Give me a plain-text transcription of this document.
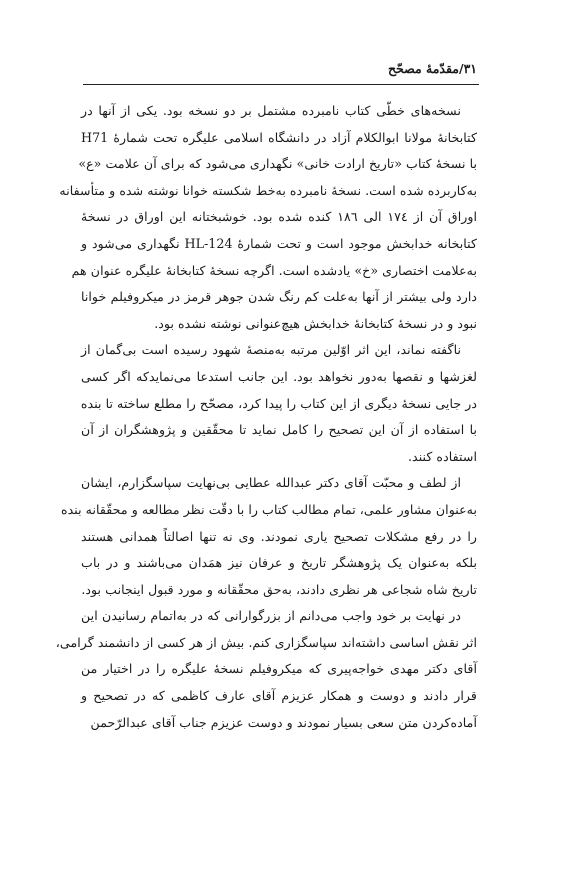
۳۱/مقدّمهٔ مصحّح
نسخه‌های خطّی کتاب نامبرده مشتمل بر دو نسخه بود. یکی از آنها در
کتابخانهٔ مولانا ابوالکلام آزاد در دانشگاه اسلامی علیگره تحت شمارهٔ H71
با نسخهٔ کتاب «تاریخ ارادت خانی» نگهداری می‌شود که برای آن علامت «ع»
به‌کاربرده شده است. نسخهٔ نامبرده به‌خط شکسته خوانا نوشته شده و متأسفانه
اوراق آن از ۱۷٤ الی ۱۸٦ کنده شده بود. خوشبختانه این اوراق در نسخهٔ
کتابخانه خدابخش موجود است و تحت شمارهٔ HL-124 نگهداری می‌شود و
به‌علامت اختصاری «خ» یادشده است. اگرچه نسخهٔ کتابخانهٔ علیگره عنوان هم
دارد ولی بیشتر از آنها به‌علت کم رنگ شدن جوهر قرمز در میکروفیلم خوانا
نبود و در نسخهٔ کتابخانهٔ خدابخش هیچ‌عنوانی نوشته نشده بود.
ناگفته نماند، این اثر اوّلین مرتبه به‌منصهٔ شهود رسیده است بی‌گمان از
لغزشها و نقصها به‌دور نخواهد بود. این جانب استدعا می‌نمایدکه اگر کسی
در جایی نسخهٔ دیگری از این کتاب را پیدا کرد، مصحّح را مطلع ساخته تا بنده
با استفاده از آن این تصحیح را کامل نماید تا محقّقین و پژوهشگران از آن
استفاده کنند.
از لطف و محبّت آقای دکتر عبدالله عطایی بی‌نهایت سپاسگزارم، ایشان
به‌عنوان مشاور علمی، تمام مطالب کتاب را با دقّت نظر مطالعه و محقّقانه بنده
را در رفع مشکلات تصحیح یاری نمودند. وی نه تنها اصالتاً همدانی هستند
بلکه به‌عنوان یک پژوهشگر تاریخ و عرفان نیز همَدان می‌باشند و در باب
تاریخ شاه شجاعی هر نظری دادند، به‌حق محقّقانه و مورد قبول اینجانب بود.
در نهایت بر خود واجب می‌دانم از بزرگوارانی که در به‌اتمام رسانیدن این
اثر نقش اساسی داشته‌اند سپاسگزاری کنم. بیش از هر کسی از دانشمند گرامی،
آقای دکتر مهدی خواجه‌پیری که میکروفیلم نسخهٔ علیگره را در اختیار من
قرار دادند و دوست و همکار عزیزم آقای عارف کاظمی که در تصحیح و
آماده‌کردن متن سعی بسیار نمودند و دوست عزیزم جناب آقای عبدالرّحمن
